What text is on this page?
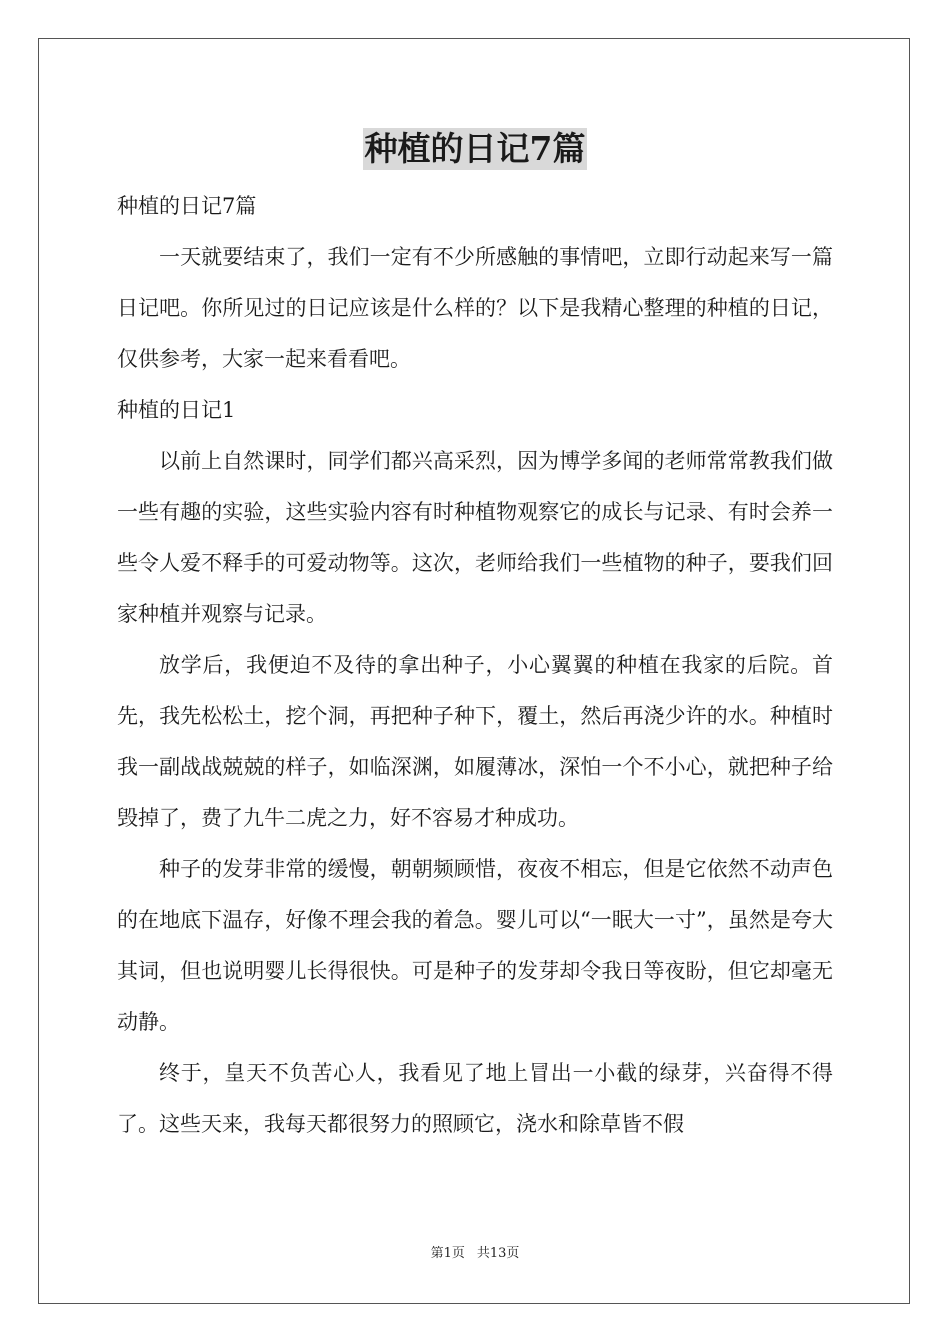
种植的日记7篇

种植的日记7篇

一天就要结束了，我们一定有不少所感触的事情吧，立即行动起来写一篇日记吧。你所见过的日记应该是什么样的？以下是我精心整理的种植的日记，仅供参考，大家一起来看看吧。

种植的日记1

以前上自然课时，同学们都兴高采烈，因为博学多闻的老师常常教我们做一些有趣的实验，这些实验内容有时种植物观察它的成长与记录、有时会养一些令人爱不释手的可爱动物等。这次，老师给我们一些植物的种子，要我们回家种植并观察与记录。

放学后，我便迫不及待的拿出种子，小心翼翼的种植在我家的后院。首先，我先松松土，挖个洞，再把种子种下，覆土，然后再浇少许的水。种植时我一副战战兢兢的样子，如临深渊，如履薄冰，深怕一个不小心，就把种子给毁掉了，费了九牛二虎之力，好不容易才种成功。

种子的发芽非常的缓慢，朝朝频顾惜，夜夜不相忘，但是它依然不动声色的在地底下温存，好像不理会我的着急。婴儿可以“一眠大一寸”，虽然是夸大其词，但也说明婴儿长得很快。可是种子的发芽却令我日等夜盼，但它却毫无动静。

终于，皇天不负苦心人，我看见了地上冒出一小截的绿芽，兴奋得不得了。这些天来，我每天都很努力的照顾它，浇水和除草皆不假

第1页 共13页
